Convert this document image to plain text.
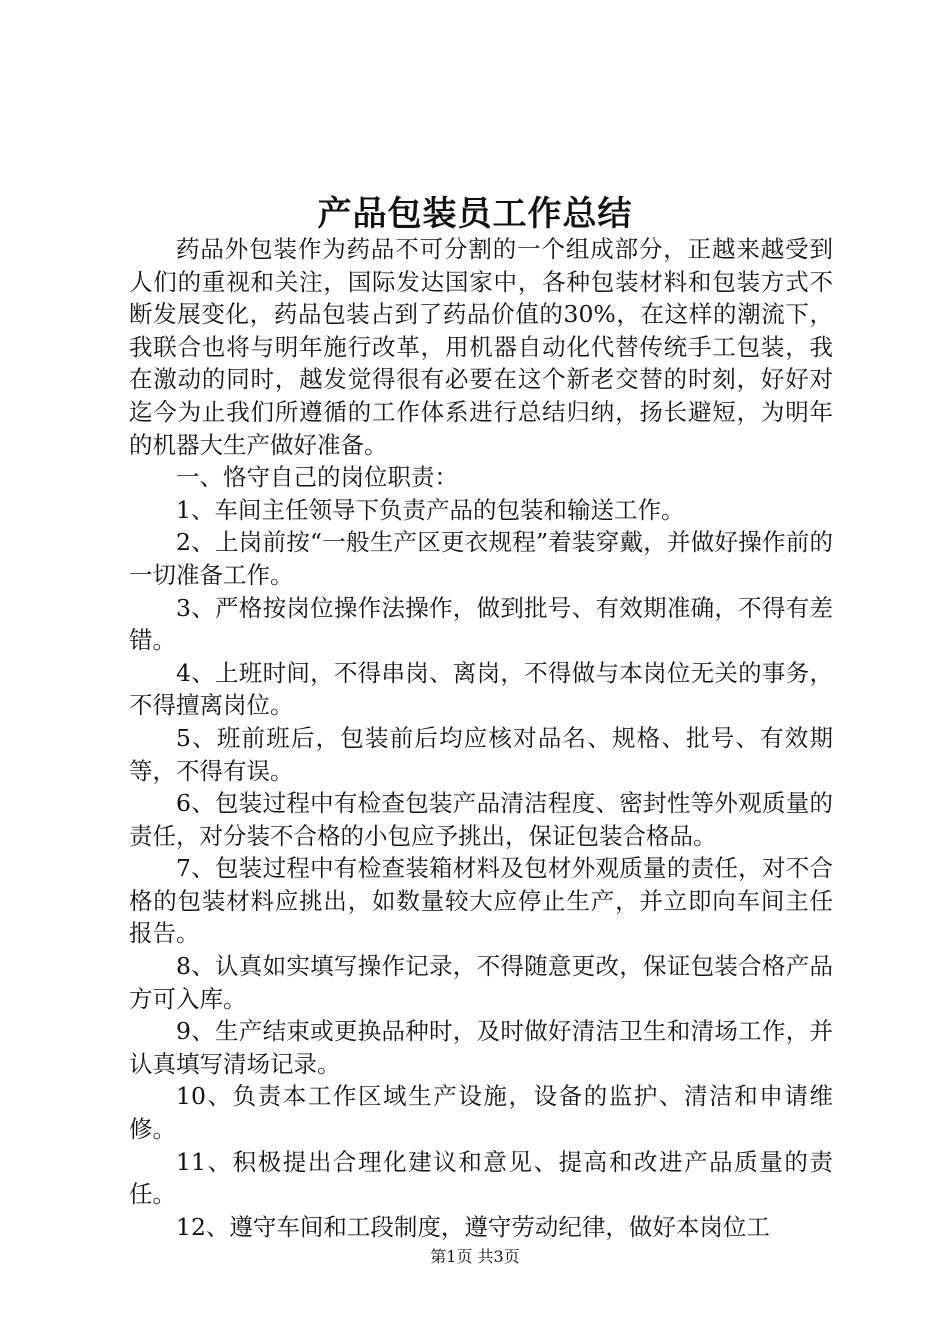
产品包装员工作总结

药品外包装作为药品不可分割的一个组成部分，正越来越受到人们的重视和关注，国际发达国家中，各种包装材料和包装方式不断发展变化，药品包装占到了药品价值的30%，在这样的潮流下，我联合也将与明年施行改革，用机器自动化代替传统手工包装，我在激动的同时，越发觉得很有必要在这个新老交替的时刻，好好对迄今为止我们所遵循的工作体系进行总结归纳，扬长避短，为明年的机器大生产做好准备。

一、恪守自己的岗位职责：

1、车间主任领导下负责产品的包装和输送工作。

2、上岗前按“一般生产区更衣规程”着装穿戴，并做好操作前的一切准备工作。

3、严格按岗位操作法操作，做到批号、有效期准确，不得有差错。

4、上班时间，不得串岗、离岗，不得做与本岗位无关的事务，不得擅离岗位。

5、班前班后，包装前后均应核对品名、规格、批号、有效期等，不得有误。

6、包装过程中有检查包装产品清洁程度、密封性等外观质量的责任，对分装不合格的小包应予挑出，保证包装合格品。

7、包装过程中有检查装箱材料及包材外观质量的责任，对不合格的包装材料应挑出，如数量较大应停止生产，并立即向车间主任报告。

8、认真如实填写操作记录，不得随意更改，保证包装合格产品方可入库。

9、生产结束或更换品种时，及时做好清洁卫生和清场工作，并认真填写清场记录。

10、负责本工作区域生产设施，设备的监护、清洁和申请维修。

11、积极提出合理化建议和意见、提高和改进产品质量的责任。

12、遵守车间和工段制度，遵守劳动纪律，做好本岗位工

第1页 共3页
